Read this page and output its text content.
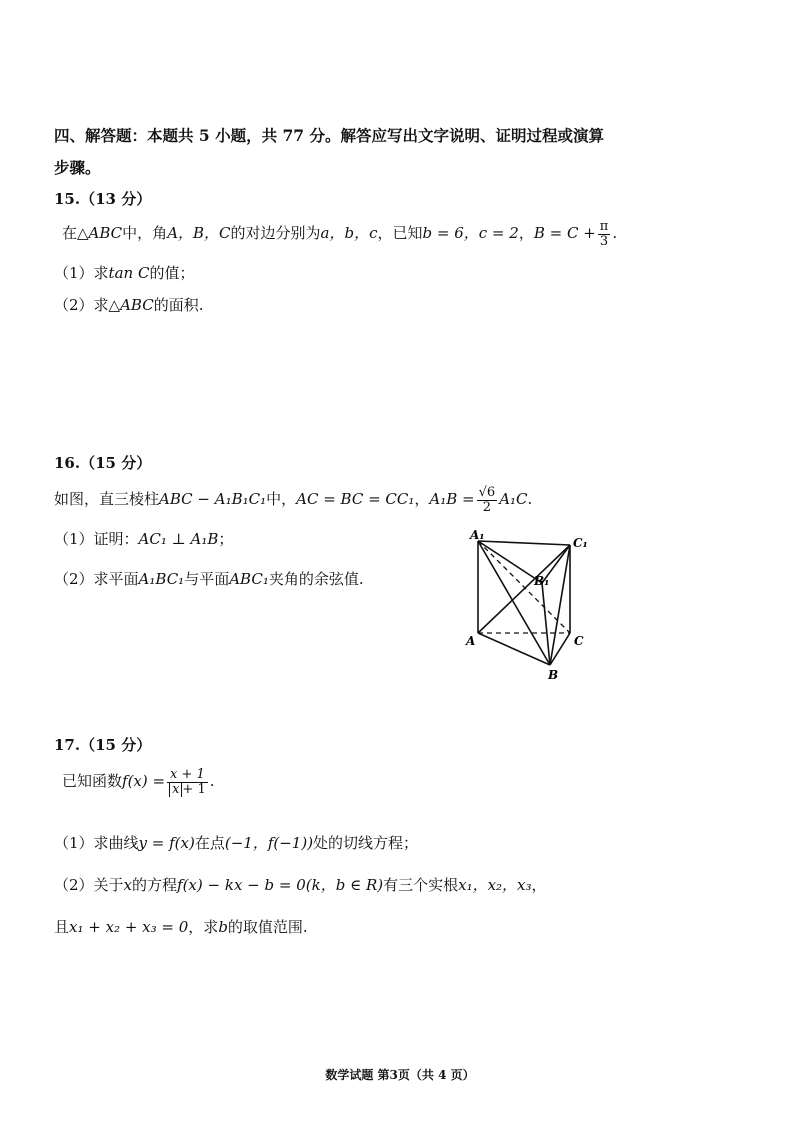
四、解答题：本题共 5 小题，共 77 分。解答应写出文字说明、证明过程或演算
步骤。
15.（13 分）
在△ABC中，角A，B，C的对边分别为a，b，c，已知b = 6，c = 2，$B = C + \frac{\pi}{3}$ .
（1）求tan C的值；
（2）求△ABC的面积.
16.（15 分）
如图，直三棱柱ABC − A₁B₁C₁中，AC = BC = CC₁，$A_1B = \frac{√6}{2} A_1C$.
（1）证明：AC₁ ⊥ A₁B；
（2）求平面A₁BC₁与平面ABC₁夹角的余弦值.
A₁
C₁
B₁
A	C
B
17.（15 分）
已知函数$f(x) = \frac{x + 1}{x + 1}$ .
（1）求曲线y = f(x)在点(−1，f(−1))处的切线方程；
（2）关于x的方程f(x) − kx − b = 0(k，b ∈ R)有三个实根x₁，x₂，x₃，
且x₁ + x₂ + x₃ = 0，求b的取值范围.
数学试题 第3页（共 4 页）
